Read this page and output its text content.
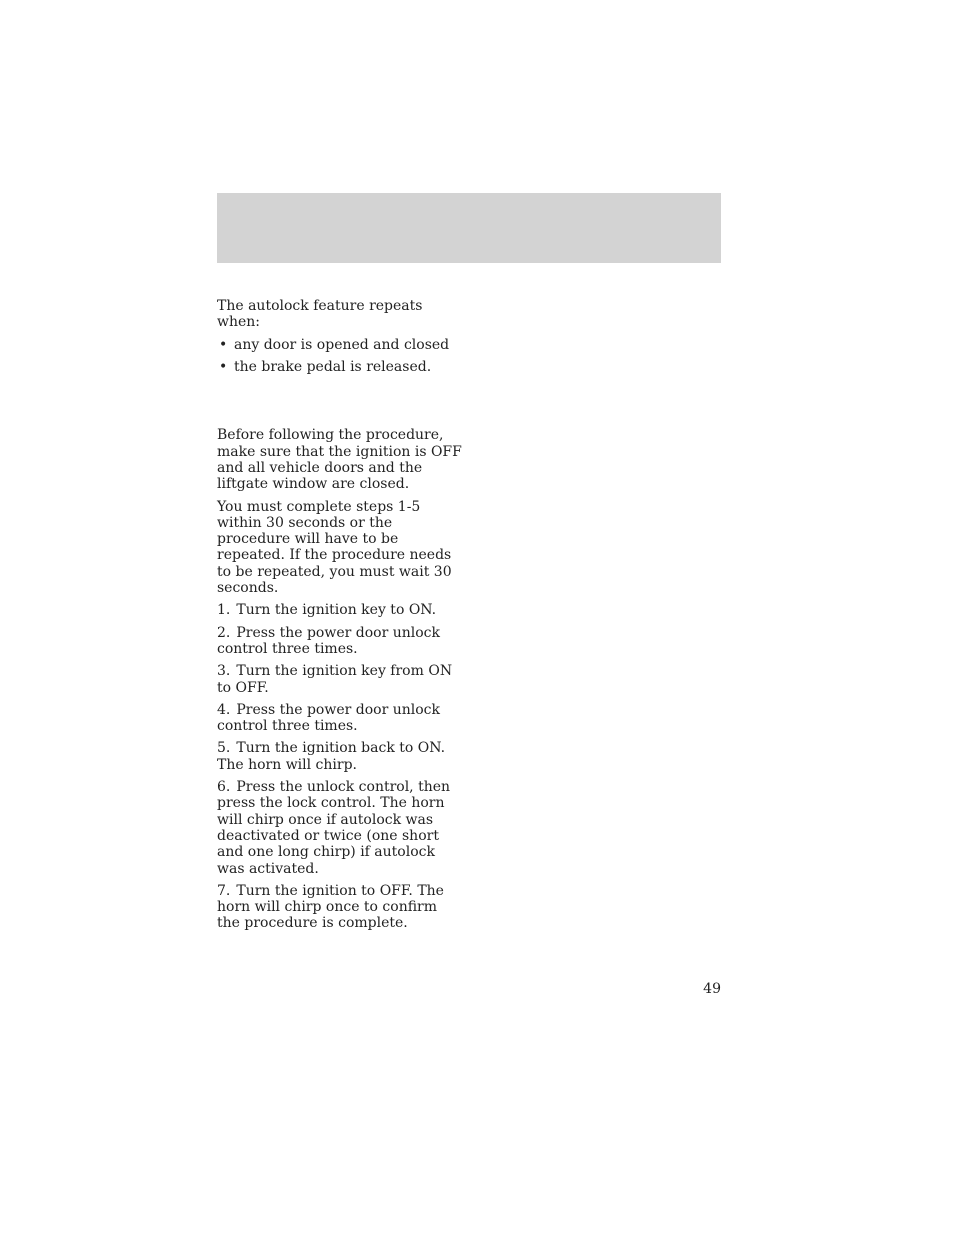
The autolock feature repeats when:

• any door is opened and closed
• the brake pedal is released.

Before following the procedure, make sure that the ignition is OFF and all vehicle doors and the liftgate window are closed.

You must complete steps 1-5 within 30 seconds or the procedure will have to be repeated. If the procedure needs to be repeated, you must wait 30 seconds.

1. Turn the ignition key to ON.
2. Press the power door unlock control three times.
3. Turn the ignition key from ON to OFF.
4. Press the power door unlock control three times.
5. Turn the ignition back to ON. The horn will chirp.
6. Press the unlock control, then press the lock control. The horn will chirp once if autolock was deactivated or twice (one short and one long chirp) if autolock was activated.
7. Turn the ignition to OFF. The horn will chirp once to confirm the procedure is complete.
49
